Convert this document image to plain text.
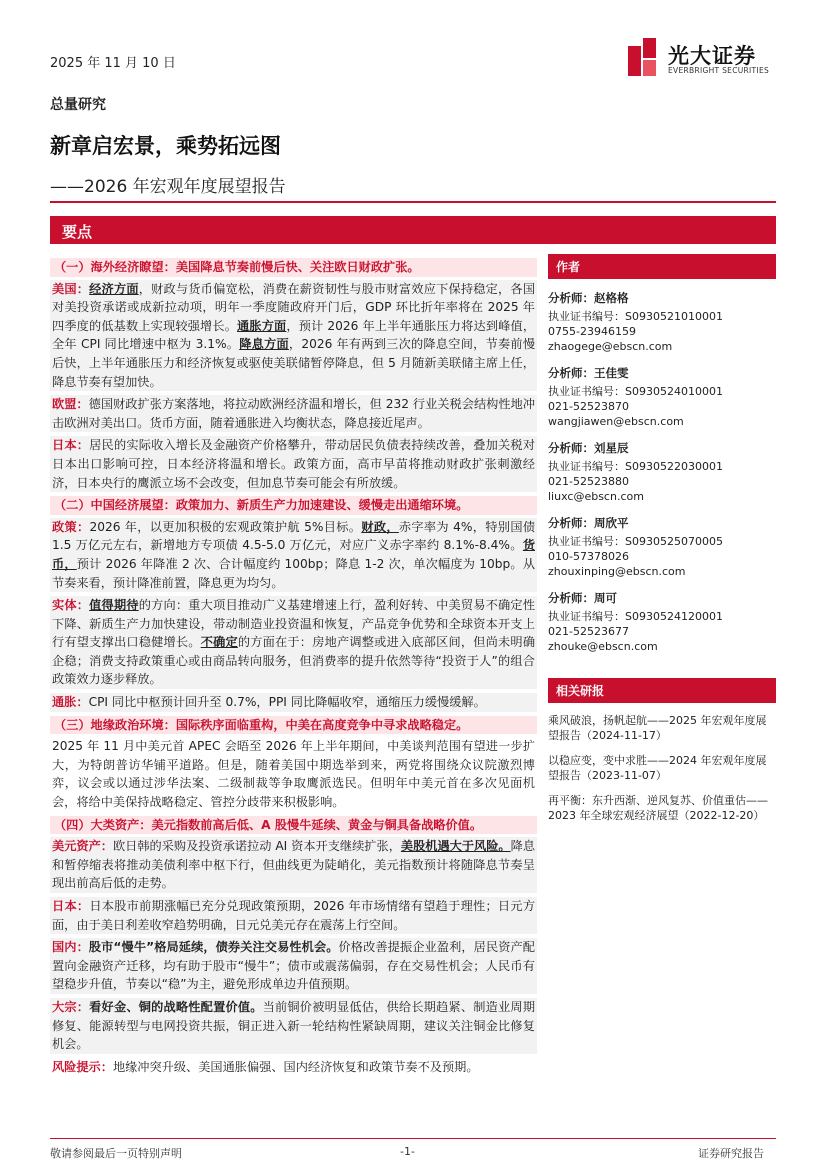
2025 年 11 月 10 日	光大证券
EVERBRIGHT SECURITIES
总量研究
新章启宏景，乘势拓远图
——2026 年宏观年度展望报告
要点
（一）海外经济瞭望：美国降息节奏前慢后快、关注欧日财政扩张。
美国：经济方面，财政与货币偏宽松，消费在薪资韧性与股市财富效应下保持稳定，各国对美投资承诺或成新拉动项，明年一季度随政府开门后，GDP 环比折年率将在 2025 年四季度的低基数上实现较强增长。通胀方面，预计 2026 年上半年通胀压力将达到峰值，全年 CPI 同比增速中枢为 3.1%。降息方面，2026 年有两到三次的降息空间，节奏前慢后快，上半年通胀压力和经济恢复或驱使美联储暂停降息，但 5 月随新美联储主席上任，降息节奏有望加快。
欧盟：德国财政扩张方案落地，将拉动欧洲经济温和增长，但 232 行业关税会结构性地冲击欧洲对美出口。货币方面，随着通胀进入均衡状态，降息接近尾声。
日本：居民的实际收入增长及金融资产价格攀升，带动居民负债表持续改善，叠加关税对日本出口影响可控，日本经济将温和增长。政策方面，高市早苗将推动财政扩张刺激经济，日本央行的鹰派立场不会改变，但加息节奏可能会有所放缓。
（二）中国经济展望：政策加力、新质生产力加速建设、缓慢走出通缩环境。
政策：2026 年，以更加积极的宏观政策护航 5%目标。财政，赤字率为 4%，特别国债 1.5 万亿元左右，新增地方专项债 4.5-5.0 万亿元，对应广义赤字率约 8.1%-8.4%。货币，预计 2026 年降准 2 次、合计幅度约 100bp；降息 1-2 次，单次幅度为 10bp。从节奏来看，预计降准前置，降息更为均匀。
实体：值得期待的方向：重大项目推动广义基建增速上行，盈利好转、中美贸易不确定性下降、新质生产力加快建设，带动制造业投资温和恢复，产品竞争优势和全球资本开支上行有望支撑出口稳健增长。不确定的方面在于：房地产调整或进入底部区间，但尚未明确企稳；消费支持政策重心或由商品转向服务，但消费率的提升依然等待“投资于人”的组合政策效力逐步释放。
通胀：CPI 同比中枢预计回升至 0.7%，PPI 同比降幅收窄，通缩压力缓慢缓解。
（三）地缘政治环境：国际秩序面临重构，中美在高度竞争中寻求战略稳定。
2025 年 11 月中美元首 APEC 会晤至 2026 年上半年期间，中美谈判范围有望进一步扩大，为特朗普访华铺平道路。但是，随着美国中期选举到来，两党将围绕众议院激烈博弈，议会或以通过涉华法案、二级制裁等争取鹰派选民。但明年中美元首在多次见面机会，将给中美保持战略稳定、管控分歧带来积极影响。
（四）大类资产：美元指数前高后低、A 股慢牛延续、黄金与铜具备战略价值。
美元资产：欧日韩的采购及投资承诺拉动 AI 资本开支继续扩张，美股机遇大于风险。降息和暂停缩表将推动美债利率中枢下行，但曲线更为陡峭化，美元指数预计将随降息节奏呈现出前高后低的走势。
日本：日本股市前期涨幅已充分兑现政策预期，2026 年市场情绪有望趋于理性；日元方面，由于美日利差收窄趋势明确，日元兑美元存在震荡上行空间。
国内：股市“慢牛”格局延续，债券关注交易性机会。价格改善提振企业盈利，居民资产配置向金融资产迁移，均有助于股市“慢牛”；债市或震荡偏弱，存在交易性机会；人民币有望稳步升值，节奏以“稳”为主，避免形成单边升值预期。
大宗：看好金、铜的战略性配置价值。当前铜价被明显低估，供给长期趋紧、制造业周期修复、能源转型与电网投资共振，铜正进入新一轮结构性紧缺周期，建议关注铜金比修复机会。
风险提示：地缘冲突升级、美国通胀偏强、国内经济恢复和政策节奏不及预期。
作者
分析师：赵格格
执业证书编号：S0930521010001
0755-23946159
zhaogege@ebscn.com
分析师：王佳雯
执业证书编号：S0930524010001
021-52523870
wangjiawen@ebscn.com
分析师：刘星辰
执业证书编号：S0930522030001
021-52523880
liuxc@ebscn.com
分析师：周欣平
执业证书编号：S0930525070005
010-57378026
zhouxinping@ebscn.com
分析师：周可
执业证书编号：S0930524120001
021-52523677
zhouke@ebscn.com
相关研报
乘风破浪，扬帆起航——2025 年宏观年度展望报告（2024-11-17）
以稳应变，变中求胜——2024 年宏观年度展望报告（2023-11-07）
再平衡：东升西渐、逆风复苏、价值重估——2023 年全球宏观经济展望（2022-12-20）
敬请参阅最后一页特别声明	-1-	证券研究报告
